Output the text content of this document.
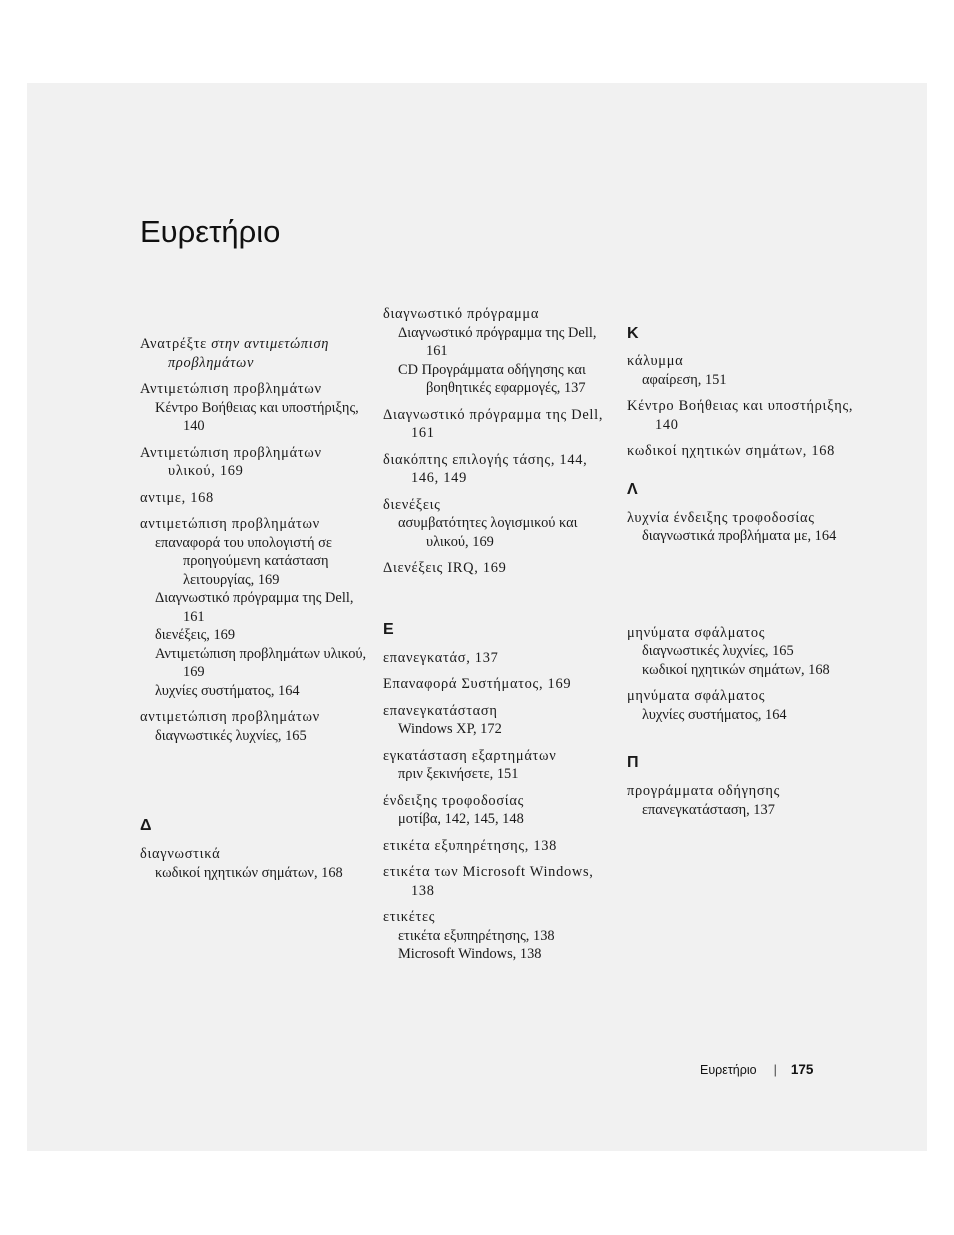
Ευρετήριο
Ανατρέξτε στην αντιμετώπιση προβλημάτων
Αντιμετώπιση προβλημάτων
Κέντρο Βοήθειας και υποστήριξης, 140
Αντιμετώπιση προβλημάτων υλικού, 169
αντιμε, 168
αντιμετώπιση προβλημάτων
επαναφορά του υπολογιστή σε προηγούμενη κατάσταση λειτουργίας, 169
Διαγνωστικό πρόγραμμα της Dell, 161
διενέξεις, 169
Αντιμετώπιση προβλημάτων υλικού, 169
λυχνίες συστήματος, 164
αντιμετώπιση προβλημάτων
διαγνωστικές λυχνίες, 165
Δ
διαγνωστικά
κωδικοί ηχητικών σημάτων, 168
διαγνωστικό πρόγραμμα
Διαγνωστικό πρόγραμμα της Dell, 161
CD Προγράμματα οδήγησης και βοηθητικές εφαρμογές, 137
Διαγνωστικό πρόγραμμα της Dell, 161
διακόπτης επιλογής τάσης, 144, 146, 149
διενέξεις
ασυμβατότητες λογισμικού και υλικού, 169
Διενέξεις IRQ, 169
Ε
επανεγκατάσ, 137
Επαναφορά Συστήματος, 169
επανεγκατάσταση
Windows XP, 172
εγκατάσταση εξαρτημάτων
πριν ξεκινήσετε, 151
ένδειξης τροφοδοσίας
μοτίβα, 142, 145, 148
ετικέτα εξυπηρέτησης, 138
ετικέτα των Microsoft Windows, 138
ετικέτες
ετικέτα εξυπηρέτησης, 138
Microsoft Windows, 138
Κ
κάλυμμα
αφαίρεση, 151
Κέντρο Βοήθειας και υποστήριξης, 140
κωδικοί ηχητικών σημάτων, 168
Λ
λυχνία ένδειξης τροφοδοσίας
διαγνωστικά προβλήματα με, 164
μηνύματα σφάλματος
διαγνωστικές λυχνίες, 165
κωδικοί ηχητικών σημάτων, 168
μηνύματα σφάλματος
λυχνίες συστήματος, 164
Π
προγράμματα οδήγησης
επανεγκατάσταση, 137
Ευρετήριο | 175
